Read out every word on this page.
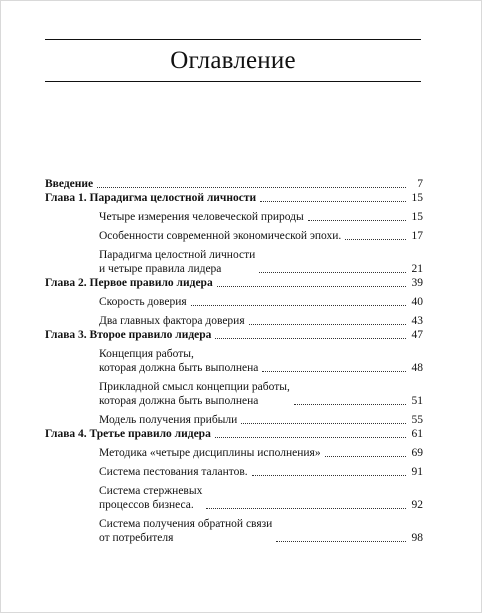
Оглавление
Введение	7
Глава 1. Парадигма целостной личности	15
Четыре измерения человеческой природы	15
Особенности современной экономической эпохи.	17
Парадигма целостной личности
и четыре правила лидера	21
Глава 2. Первое правило лидера	39
Скорость доверия	40
Два главных фактора доверия	43
Глава 3. Второе правило лидера	47
Концепция работы,
которая должна быть выполнена	48
Прикладной смысл концепции работы,
которая должна быть выполнена	51
Модель получения прибыли	55
Глава 4. Третье правило лидера	61
Методика «четыре дисциплины исполнения»	69
Система пестования талантов.	91
Система стержневых
процессов бизнеса.	92
Система получения обратной связи
от потребителя	98
